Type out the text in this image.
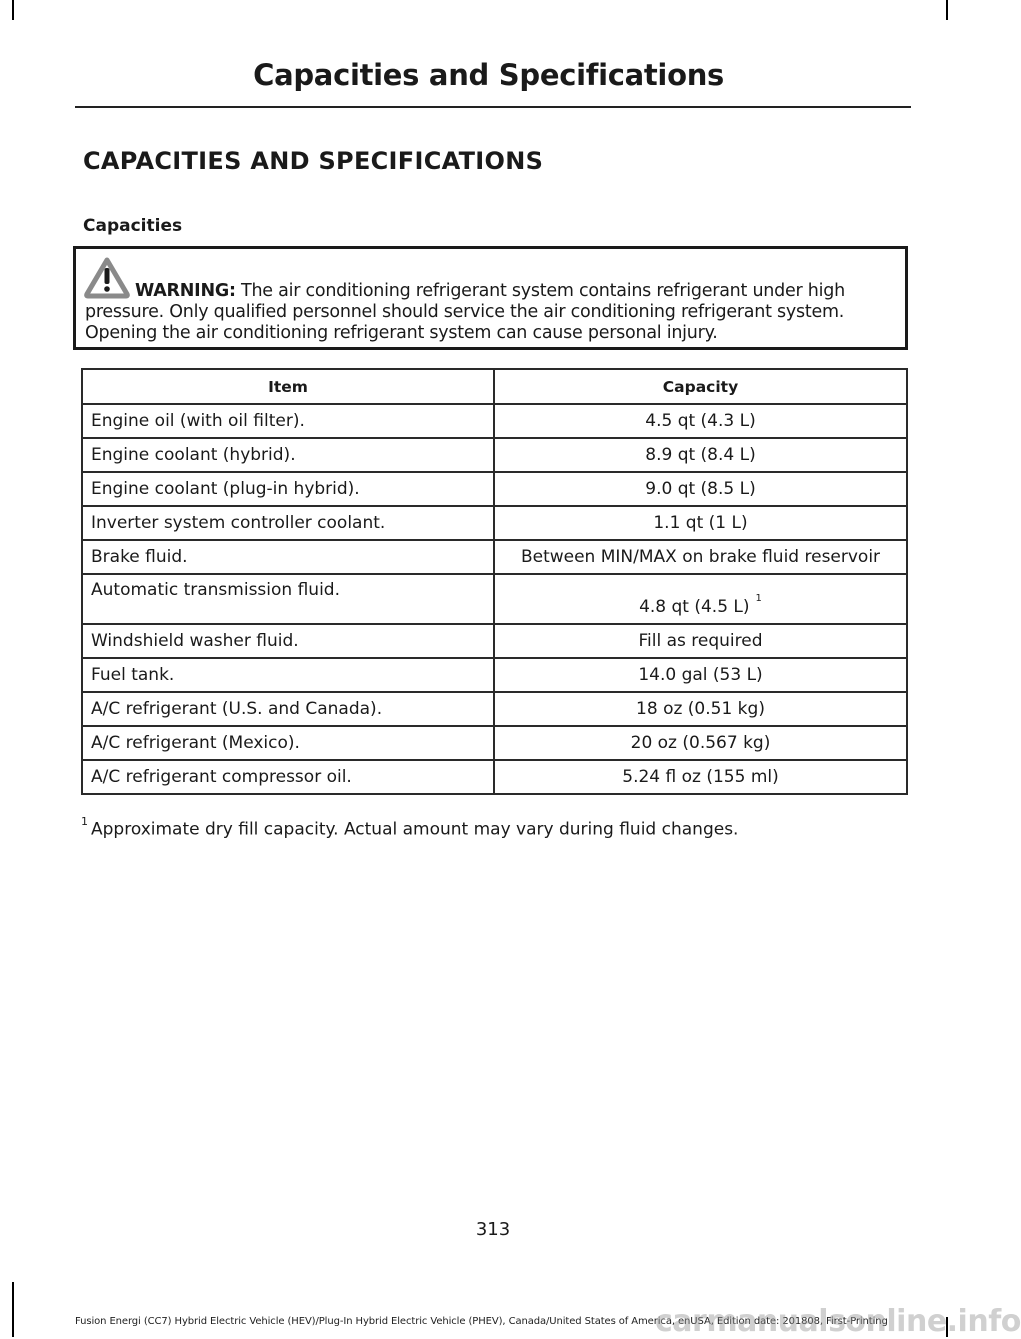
Capacities and Specifications
CAPACITIES AND SPECIFICATIONS
Capacities
WARNING: The air conditioning refrigerant system contains refrigerant under high
pressure. Only qualified personnel should service the air conditioning refrigerant system.
Opening the air conditioning refrigerant system can cause personal injury.
Item	Capacity
Engine oil (with oil filter).	4.5 qt (4.3 L)
Engine coolant (hybrid).	8.9 qt (8.4 L)
Engine coolant (plug-in hybrid).	9.0 qt (8.5 L)
Inverter system controller coolant.	1.1 qt (1 L)
Brake fluid.	Between MIN/MAX on brake fluid reservoir
Automatic transmission fluid.	4.8 qt (4.5 L) $^1$
Windshield washer fluid.	Fill as required
Fuel tank.	14.0 gal (53 L)
A/C refrigerant (U.S. and Canada).	18 oz (0.51 kg)
A/C refrigerant (Mexico).	20 oz (0.567 kg)
A/C refrigerant compressor oil.	5.24 fl oz (155 ml)
$^1$ Approximate dry fill capacity. Actual amount may vary during fluid changes.
313
Fusion Energi (CC7) Hybrid Electric Vehicle (HEV)/Plug-In Hybrid Electric Vehicle (PHEV), Canada/United States of America, enUSA, Edition date: 201808, First-Printing
carmanualsonline.info
